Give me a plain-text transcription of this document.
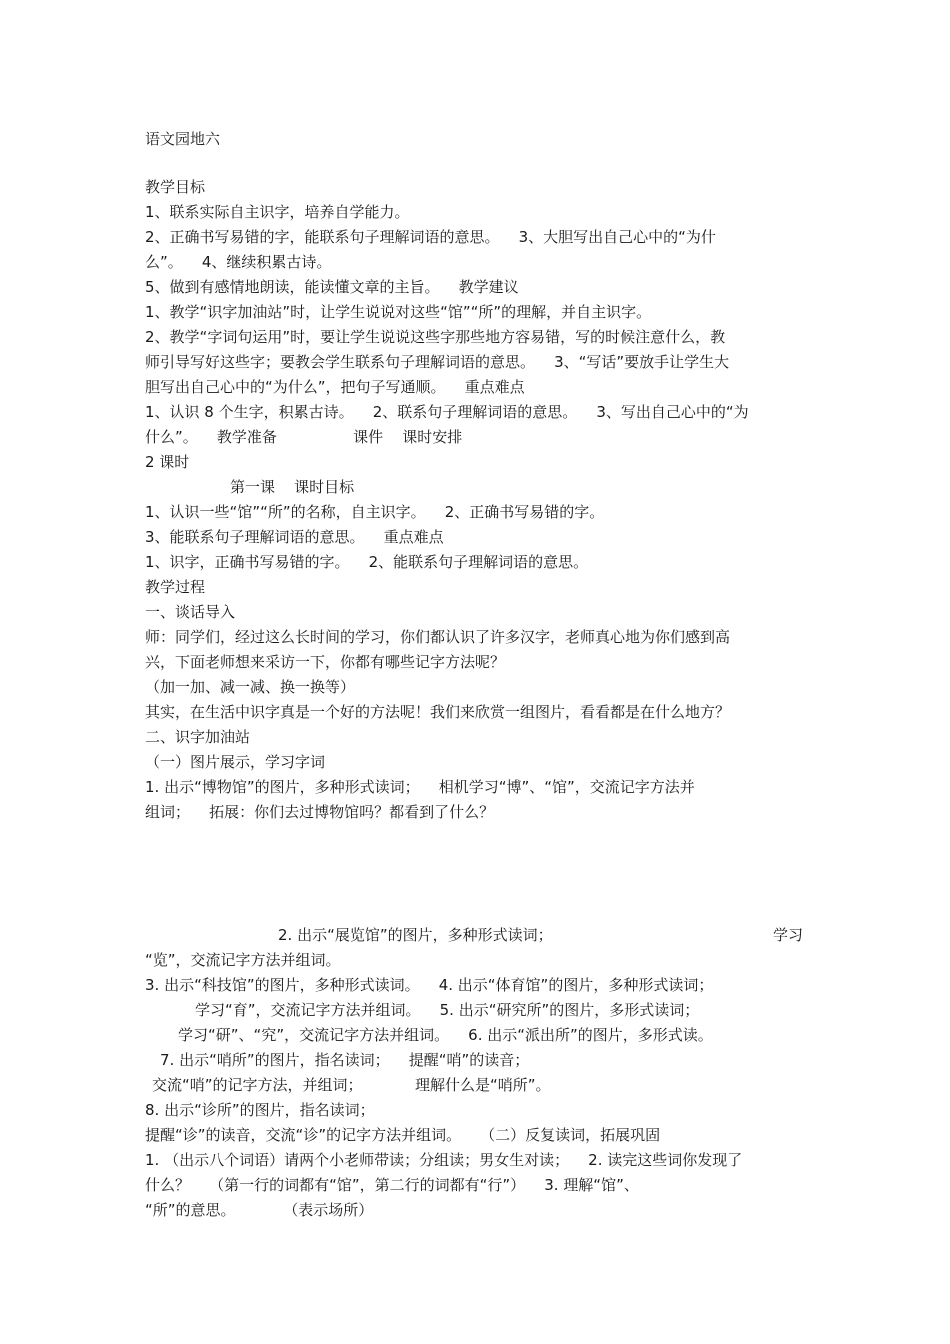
语文园地六
教学目标
1、联系实际自主识字，培养自学能力。
2、正确书写易错的字，能联系句子理解词语的意思。    3、大胆写出自己心中的“为什
么”。    4、继续积累古诗。
5、做到有感情地朗读，能读懂文章的主旨。    教学建议
1、教学“识字加油站”时，让学生说说对这些“馆”“所”的理解，并自主识字。
2、教学“字词句运用”时，要让学生说说这些字那些地方容易错，写的时候注意什么，教
师引导写好这些字；要教会学生联系句子理解词语的意思。    3、“写话”要放手让学生大
胆写出自己心中的“为什么”，把句子写通顺。    重点难点
1、认识 8 个生字，积累古诗。    2、联系句子理解词语的意思。    3、写出自己心中的“为
什么”。    教学准备                课件    课时安排
2 课时
第一课    课时目标
1、认识一些“馆”“所”的名称，自主识字。    2、正确书写易错的字。
3、能联系句子理解词语的意思。    重点难点
1、识字，正确书写易错的字。    2、能联系句子理解词语的意思。
教学过程
一、谈话导入
师：同学们，经过这么长时间的学习，你们都认识了许多汉字，老师真心地为你们感到高
兴，下面老师想来采访一下，你都有哪些记字方法呢？
（加一加、减一减、换一换等）
其实，在生活中识字真是一个好的方法呢！我们来欣赏一组图片，看看都是在什么地方？
二、识字加油站
（一）图片展示，学习字词
1. 出示“博物馆”的图片，多种形式读词；    相机学习“博”、“馆”，交流记字方法并
组词；    拓展：你们去过博物馆吗？都看到了什么？
2. 出示“展览馆”的图片，多种形式读词；	学习
“览”，交流记字方法并组词。
3. 出示“科技馆”的图片，多种形式读词。    4. 出示“体育馆”的图片，多种形式读词；
学习“育”，交流记字方法并组词。    5. 出示“研究所”的图片，多形式读词；
学习“研”、“究”，交流记字方法并组词。    6. 出示“派出所”的图片，多形式读。
7. 出示“哨所”的图片，指名读词；    提醒“哨”的读音；
交流“哨”的记字方法，并组词；           理解什么是“哨所”。
8. 出示“诊所”的图片，指名读词；
提醒“诊”的读音，交流“诊”的记字方法并组词。    （二）反复读词，拓展巩固
1. （出示八个词语）请两个小老师带读；分组读；男女生对读；    2. 读完这些词你发现了
什么？    （第一行的词都有“馆”，第二行的词都有“行”）    3. 理解“馆”、
“所”的意思。          （表示场所）
